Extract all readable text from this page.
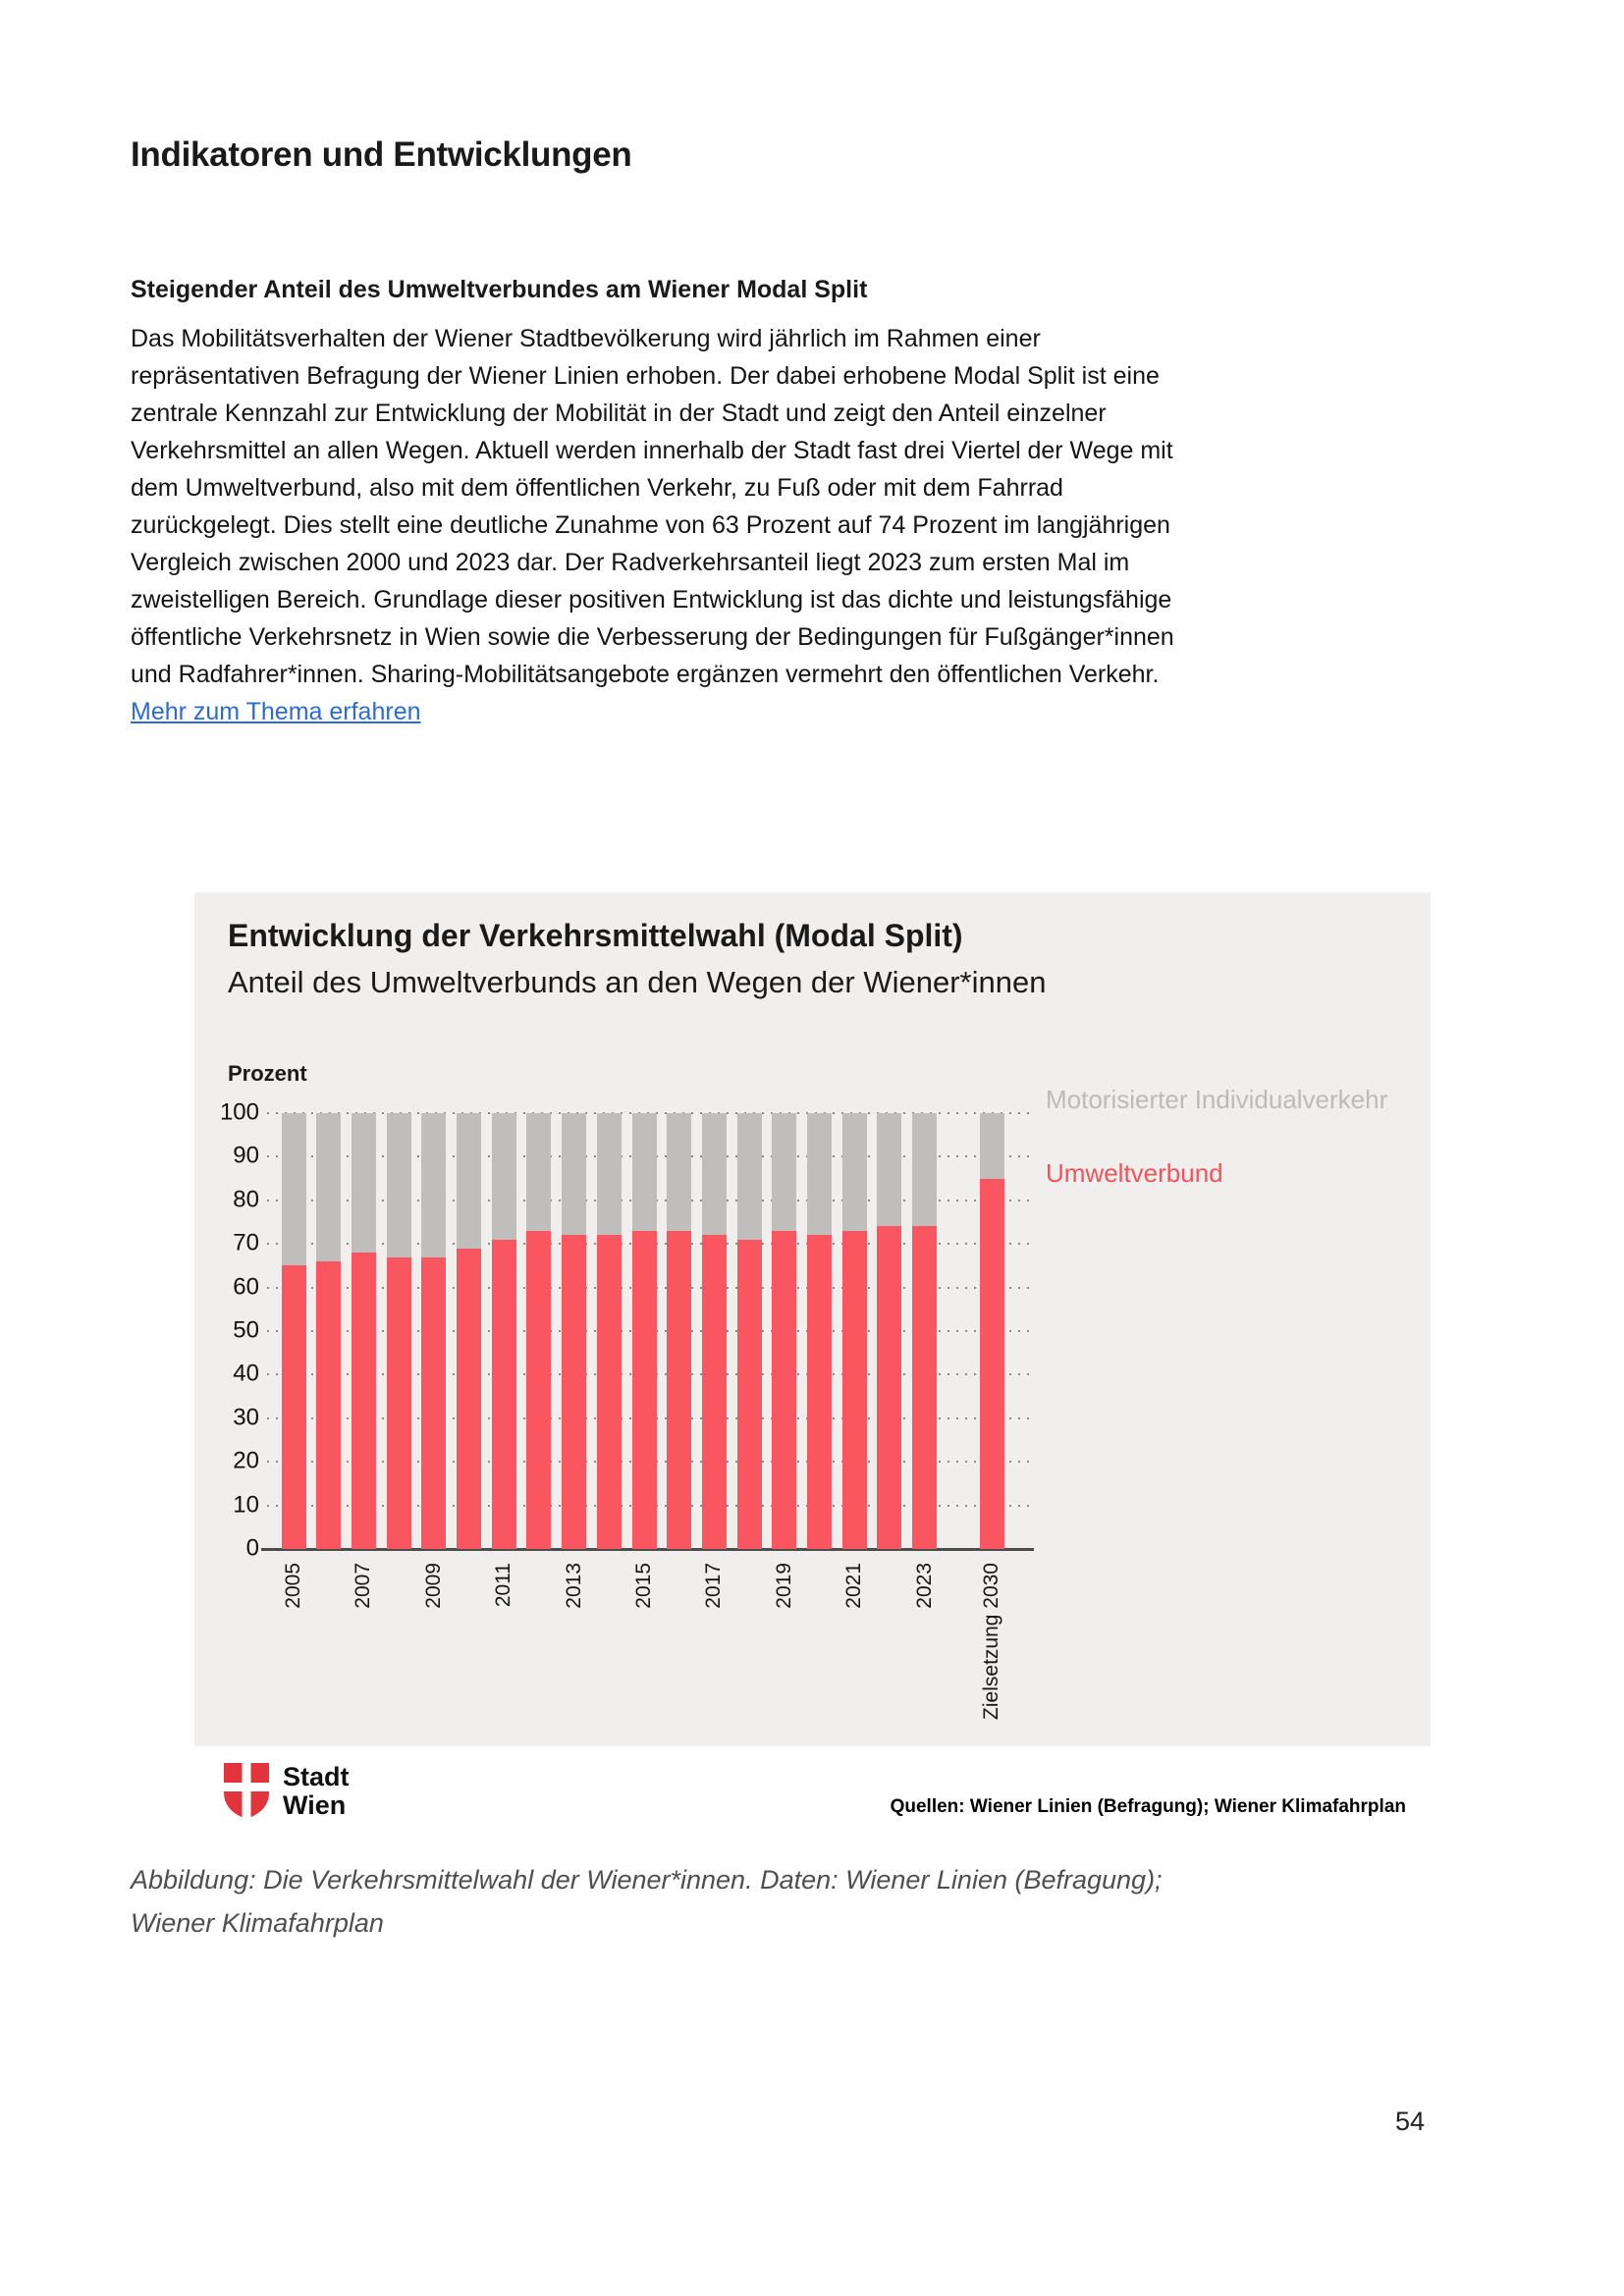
Indikatoren und Entwicklungen
Steigender Anteil des Umweltverbundes am Wiener Modal Split

Das Mobilitätsverhalten der Wiener Stadtbevölkerung wird jährlich im Rahmen einer repräsentativen Befragung der Wiener Linien erhoben. Der dabei erhobene Modal Split ist eine zentrale Kennzahl zur Entwicklung der Mobilität in der Stadt und zeigt den Anteil einzelner Verkehrsmittel an allen Wegen. Aktuell werden innerhalb der Stadt fast drei Viertel der Wege mit dem Umweltverbund, also mit dem öffentlichen Verkehr, zu Fuß oder mit dem Fahrrad zurückgelegt. Dies stellt eine deutliche Zunahme von 63 Prozent auf 74 Prozent im langjährigen Vergleich zwischen 2000 und 2023 dar. Der Radverkehrsanteil liegt 2023 zum ersten Mal im zweistelligen Bereich. Grundlage dieser positiven Entwicklung ist das dichte und leistungsfähige öffentliche Verkehrsnetz in Wien sowie die Verbesserung der Bedingungen für Fußgänger*innen und Radfahrer*innen. Sharing-Mobilitätsangebote ergänzen vermehrt den öffentlichen Verkehr. Mehr zum Thema erfahren

Entwicklung der Verkehrsmittelwahl (Modal Split)
Anteil des Umweltverbunds an den Wegen der Wiener*innen
Prozent
0
10
20
30
40
50
60
70
80
90
100
2005 2007 2009 2011 2013 2015 2017 2019 2021 2023 Zielsetzung 2030
Motorisierter Individualverkehr
Umweltverbund
Stadt
Wien	Quellen: Wiener Linien (Befragung); Wiener Klimafahrplan
Abbildung: Die Verkehrsmittelwahl der Wiener*innen. Daten: Wiener Linien (Befragung); Wiener Klimafahrplan
54
